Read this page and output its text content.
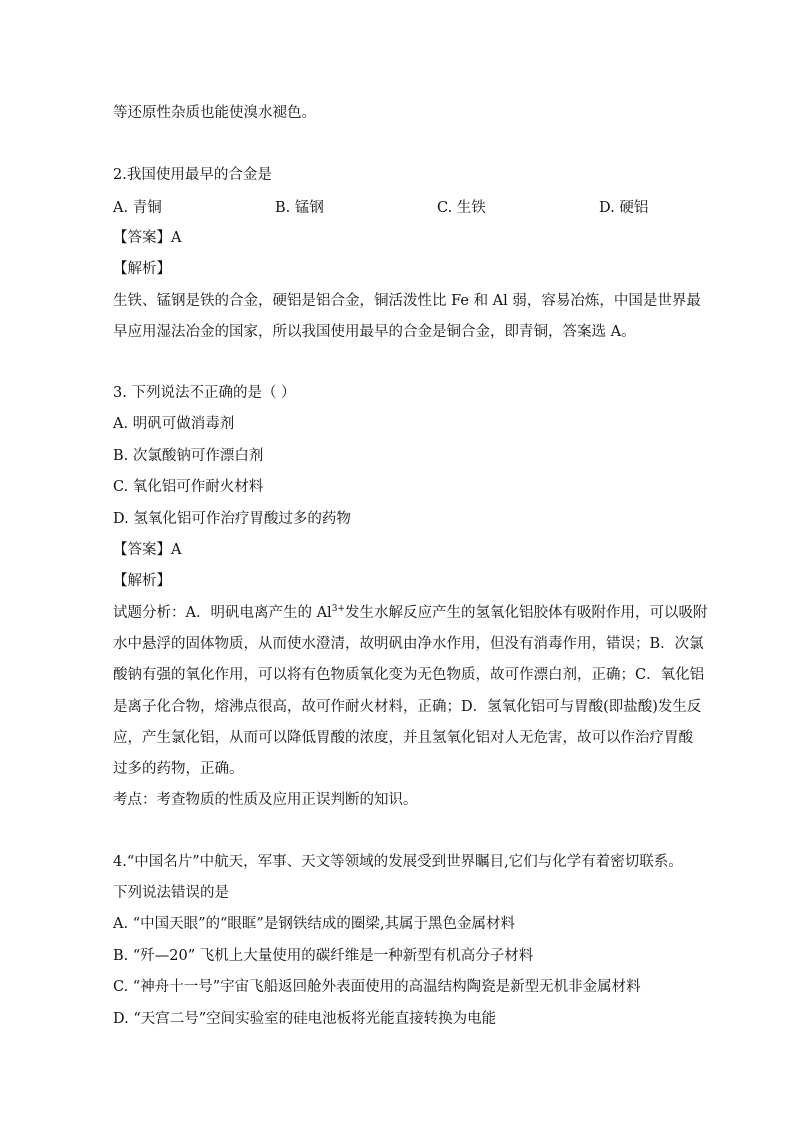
等还原性杂质也能使溴水褪色。
2.我国使用最早的合金是
A. 青铜	B. 锰钢	C. 生铁	D. 硬铝
【答案】A
【解析】
生铁、锰钢是铁的合金，硬铝是铝合金，铜活泼性比 Fe 和 Al 弱，容易冶炼，中国是世界最
早应用湿法冶金的国家，所以我国使用最早的合金是铜合金，即青铜，答案选 A。
3. 下列说法不正确的是（ ）
A. 明矾可做消毒剂
B. 次氯酸钠可作漂白剂
C. 氧化铝可作耐火材料
D. 氢氧化铝可作治疗胃酸过多的药物
【答案】A
【解析】
试题分析：A．明矾电离产生的 $Al^{3+}$发生水解反应产生的氢氧化铝胶体有吸附作用，可以吸附
水中悬浮的固体物质，从而使水澄清，故明矾由净水作用，但没有消毒作用，错误；B．次氯
酸钠有强的氧化作用，可以将有色物质氧化变为无色物质，故可作漂白剂，正确；C．氧化铝
是离子化合物，熔沸点很高，故可作耐火材料，正确；D．氢氧化铝可与胃酸(即盐酸)发生反
应，产生氯化铝，从而可以降低胃酸的浓度，并且氢氧化铝对人无危害，故可以作治疗胃酸
过多的药物，正确。
考点：考查物质的性质及应用正误判断的知识。
4.“中国名片”中航天，军事、天文等领域的发展受到世界瞩目,它们与化学有着密切联系。
下列说法错误的是
A. “中国天眼”的“眼眶”是钢铁结成的圈梁,其属于黑色金属材料
B. “歼—20” 飞机上大量使用的碳纤维是一种新型有机高分子材料
C. “神舟十一号”宇宙飞船返回舱外表面使用的高温结构陶瓷是新型无机非金属材料
D. “天宫二号”空间实验室的硅电池板将光能直接转换为电能
